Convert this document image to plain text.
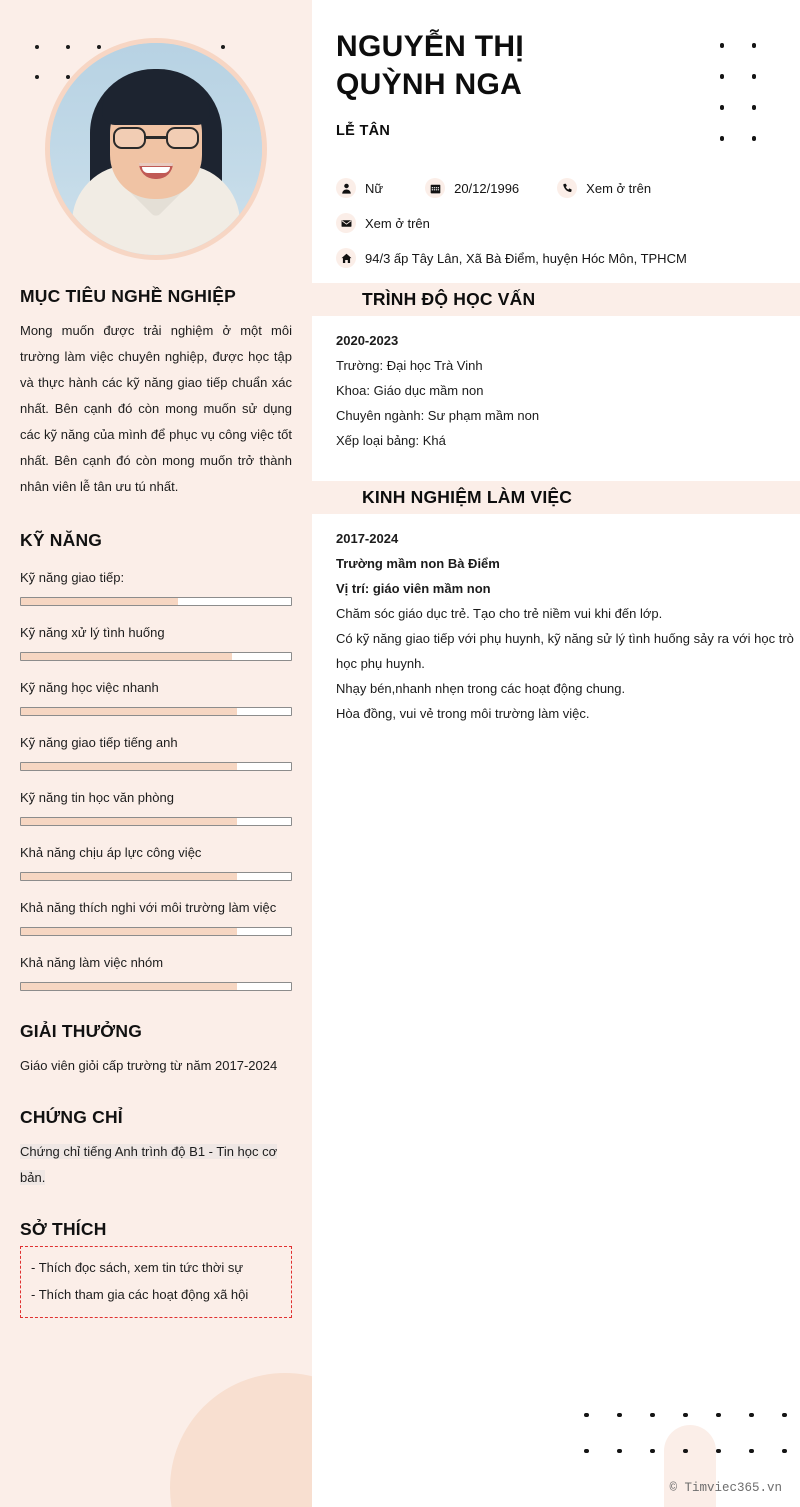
MỤC TIÊU NGHỀ NGHIỆP

Mong muốn được trải nghiệm ở một môi trường làm việc chuyên nghiệp, được học tập và thực hành các kỹ năng giao tiếp chuẩn xác nhất. Bên cạnh đó còn mong muốn sử dụng các kỹ năng của mình để phục vụ công việc tốt nhất. Bên cạnh đó còn mong muốn trở thành nhân viên lễ tân ưu tú nhất.

KỸ NĂNG
Kỹ năng giao tiếp:
Kỹ năng xử lý tình huống
Kỹ năng học việc nhanh
Kỹ năng giao tiếp tiếng anh
Kỹ năng tin học văn phòng
Khả năng chịu áp lực công việc
Khả năng thích nghi với môi trường làm việc
Khả năng làm việc nhóm
GIẢI THƯỞNG

Giáo viên giỏi cấp trường từ năm 2017-2024

CHỨNG CHỈ

Chứng chỉ tiếng Anh trình độ B1 - Tin học cơ bản.

SỞ THÍCH
- Thích đọc sách, xem tin tức thời sự
- Thích tham gia các hoạt động xã hội
NGUYỄN THỊ QUỲNH NGA
LỄ TÂN
Nữ	20/12/1996	Xem ở trên
Xem ở trên
94/3 ấp Tây Lân, Xã Bà Điểm, huyện Hóc Môn, TPHCM
TRÌNH ĐỘ HỌC VẤN
2020-2023
Trường: Đại học Trà Vinh
Khoa: Giáo dục mầm non
Chuyên ngành: Sư phạm mầm non
Xếp loại bảng: Khá
KINH NGHIỆM LÀM VIỆC
2017-2024
Trường mầm non Bà Điểm
Vị trí: giáo viên mầm non
Chăm sóc giáo dục trẻ. Tạo cho trẻ niềm vui khi đến lớp.
Có kỹ năng giao tiếp với phụ huynh, kỹ năng sử lý tình huống sảy ra với học trò học phụ huynh.
Nhạy bén,nhanh nhẹn trong các hoạt động chung.
Hòa đồng, vui vẻ trong môi trường làm việc.
© Timviec365.vn
